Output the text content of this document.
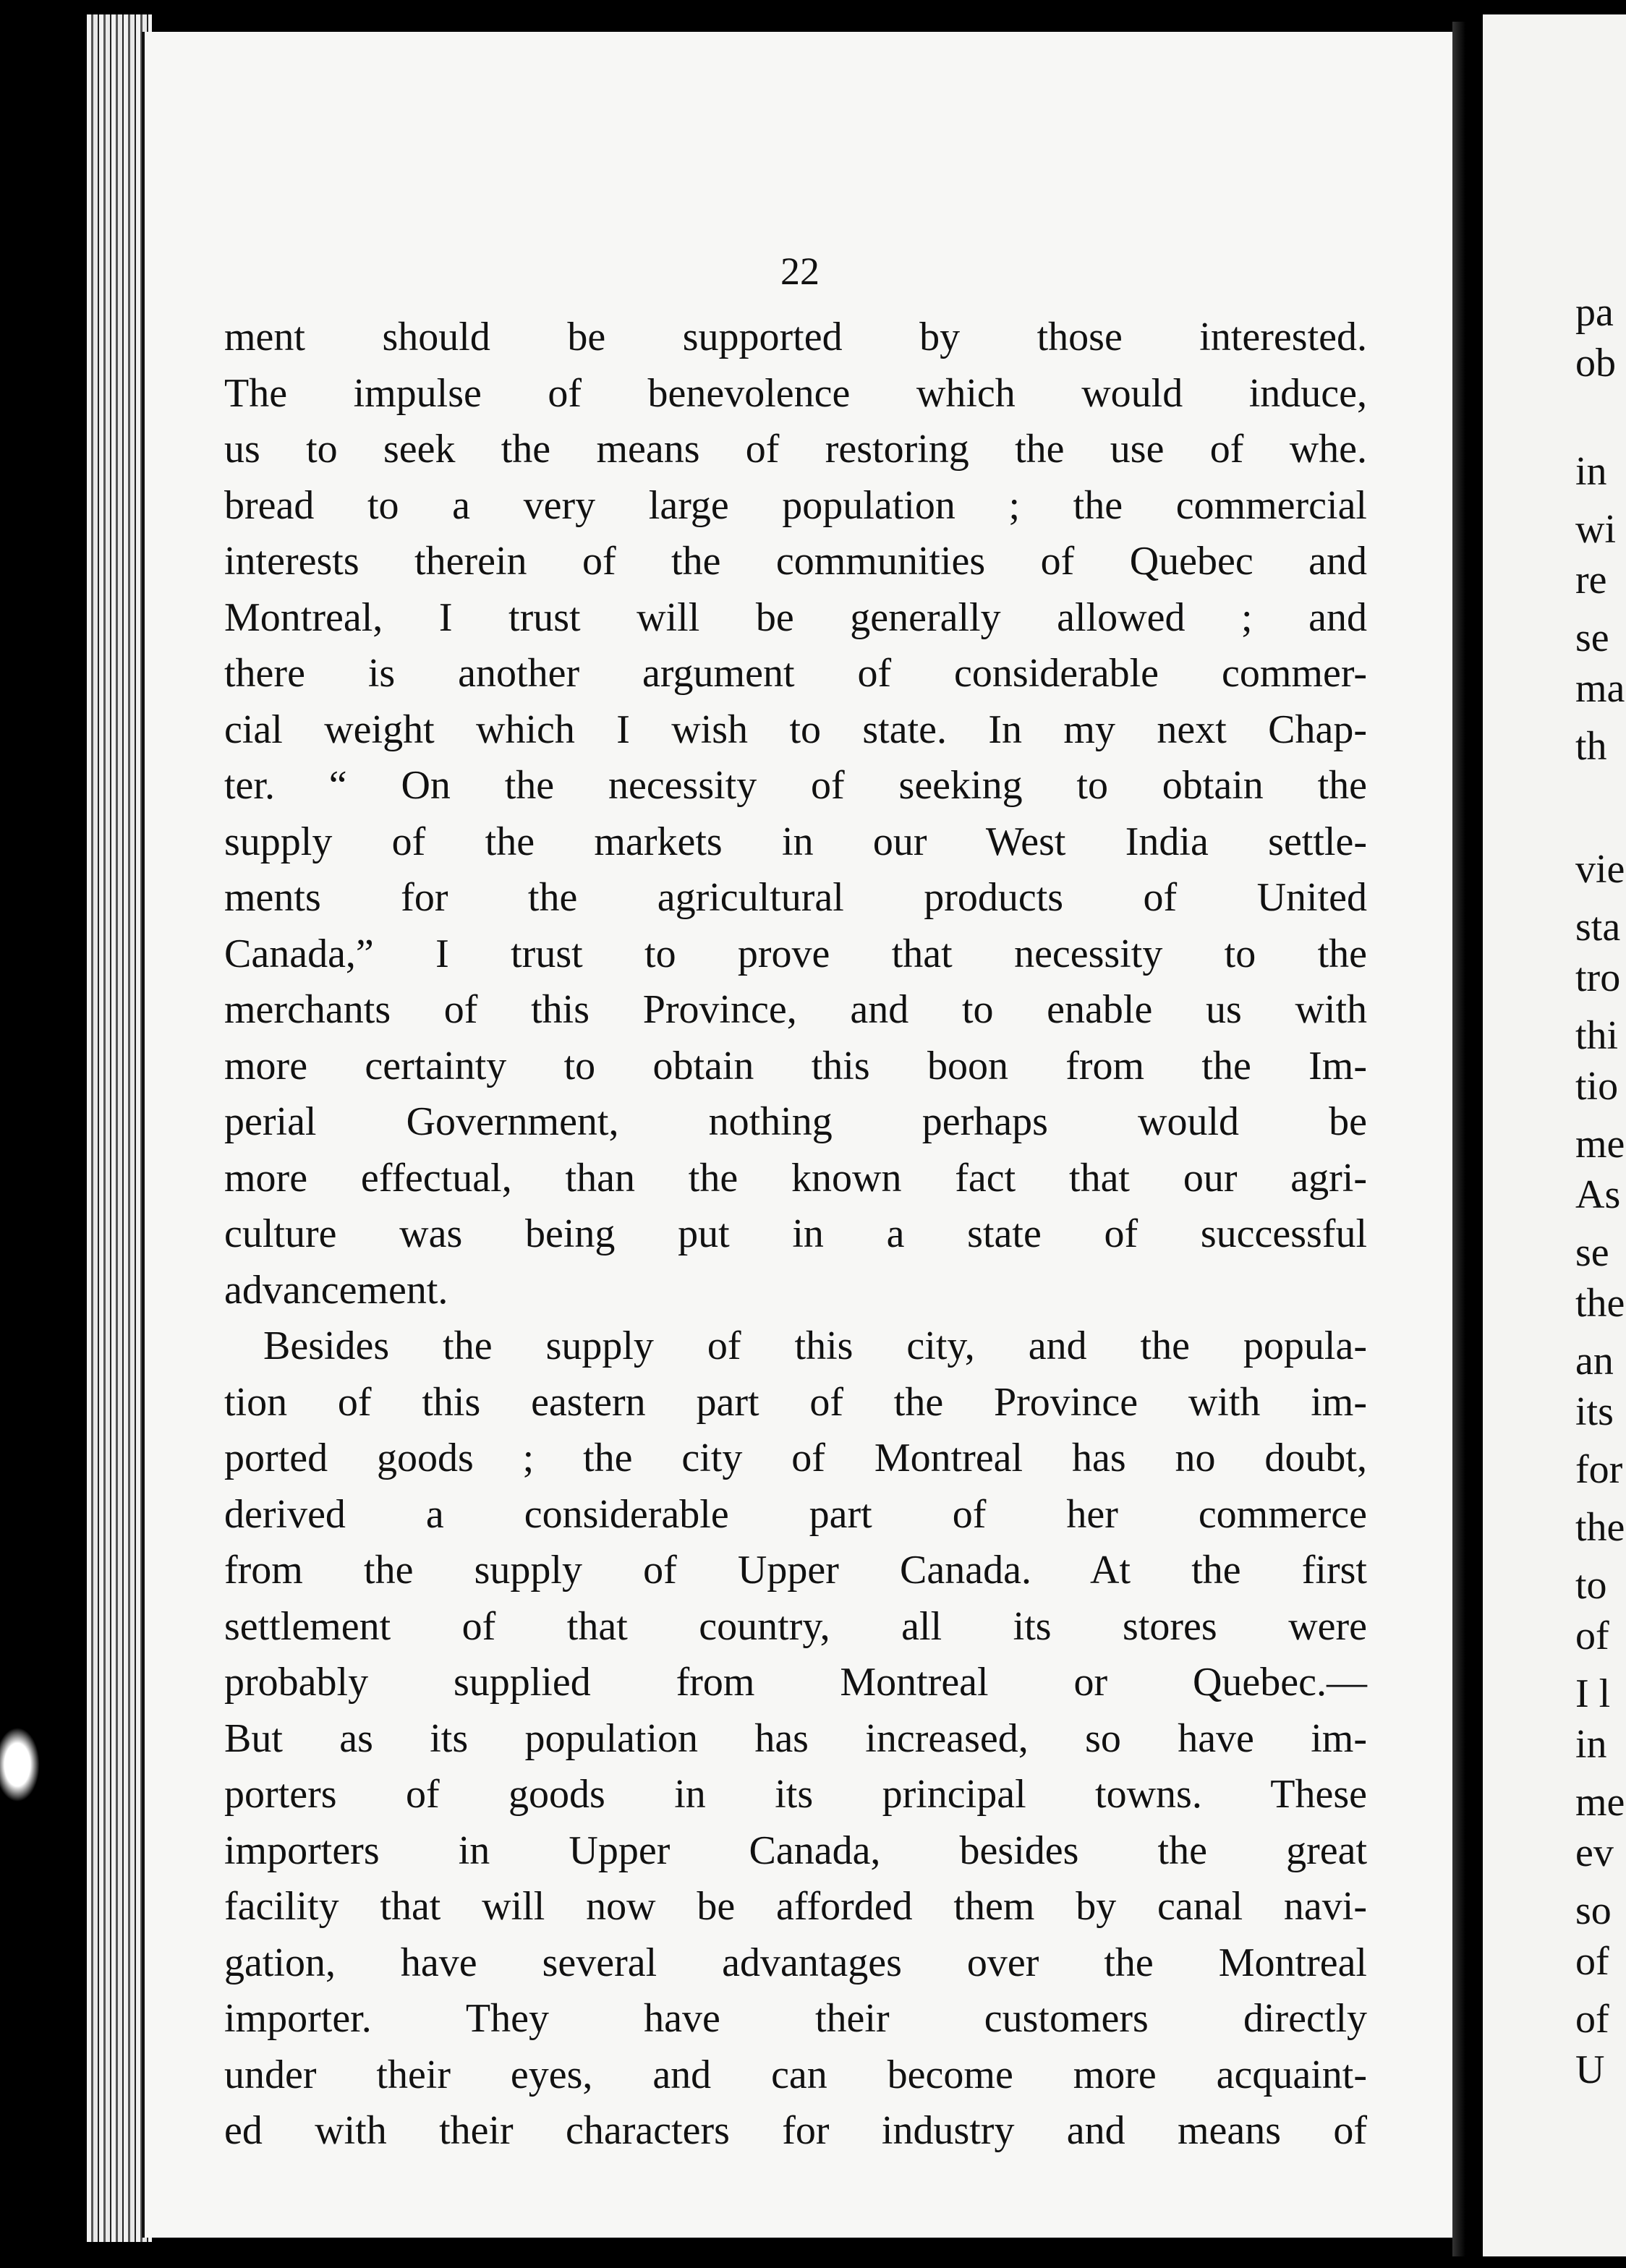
22
ment should be supported by those interested.
The impulse of benevolence which would induce,
us to seek the means of restoring the use of whe.
bread to a very large population ; the commercial
interests therein of the communities of Quebec and
Montreal, I trust will be generally allowed ; and
there is another argument of considerable commer-
cial weight which I wish to state. In my next Chap-
ter. “ On the necessity of seeking to obtain the
supply of the markets in our West India settle-
ments for the agricultural products of United
Canada,” I trust to prove that necessity to the
merchants of this Province, and to enable us with
more certainty to obtain this boon from the Im-
perial Government, nothing perhaps would be
more effectual, than the known fact that our agri-
culture was being put in a state of successful
advancement.
Besides the supply of this city, and the popula-
tion of this eastern part of the Province with im-
ported goods ; the city of Montreal has no doubt,
derived a considerable part of her commerce
from the supply of Upper Canada. At the first
settlement of that country, all its stores were
probably supplied from Montreal or Quebec.—
But as its population has increased, so have im-
porters of goods in its principal towns. These
importers in Upper Canada, besides the great
facility that will now be afforded them by canal navi-
gation, have several advantages over the Montreal
importer. They have their customers directly
under their eyes, and can become more acquaint-
ed with their characters for industry and means of
pa
ob
in
wi
re
se
ma
th
vie
sta
tro
thi
tio
me
As
se
the
an
its
for
the
to
of
I l
in
me
ev
so
of
of
U
